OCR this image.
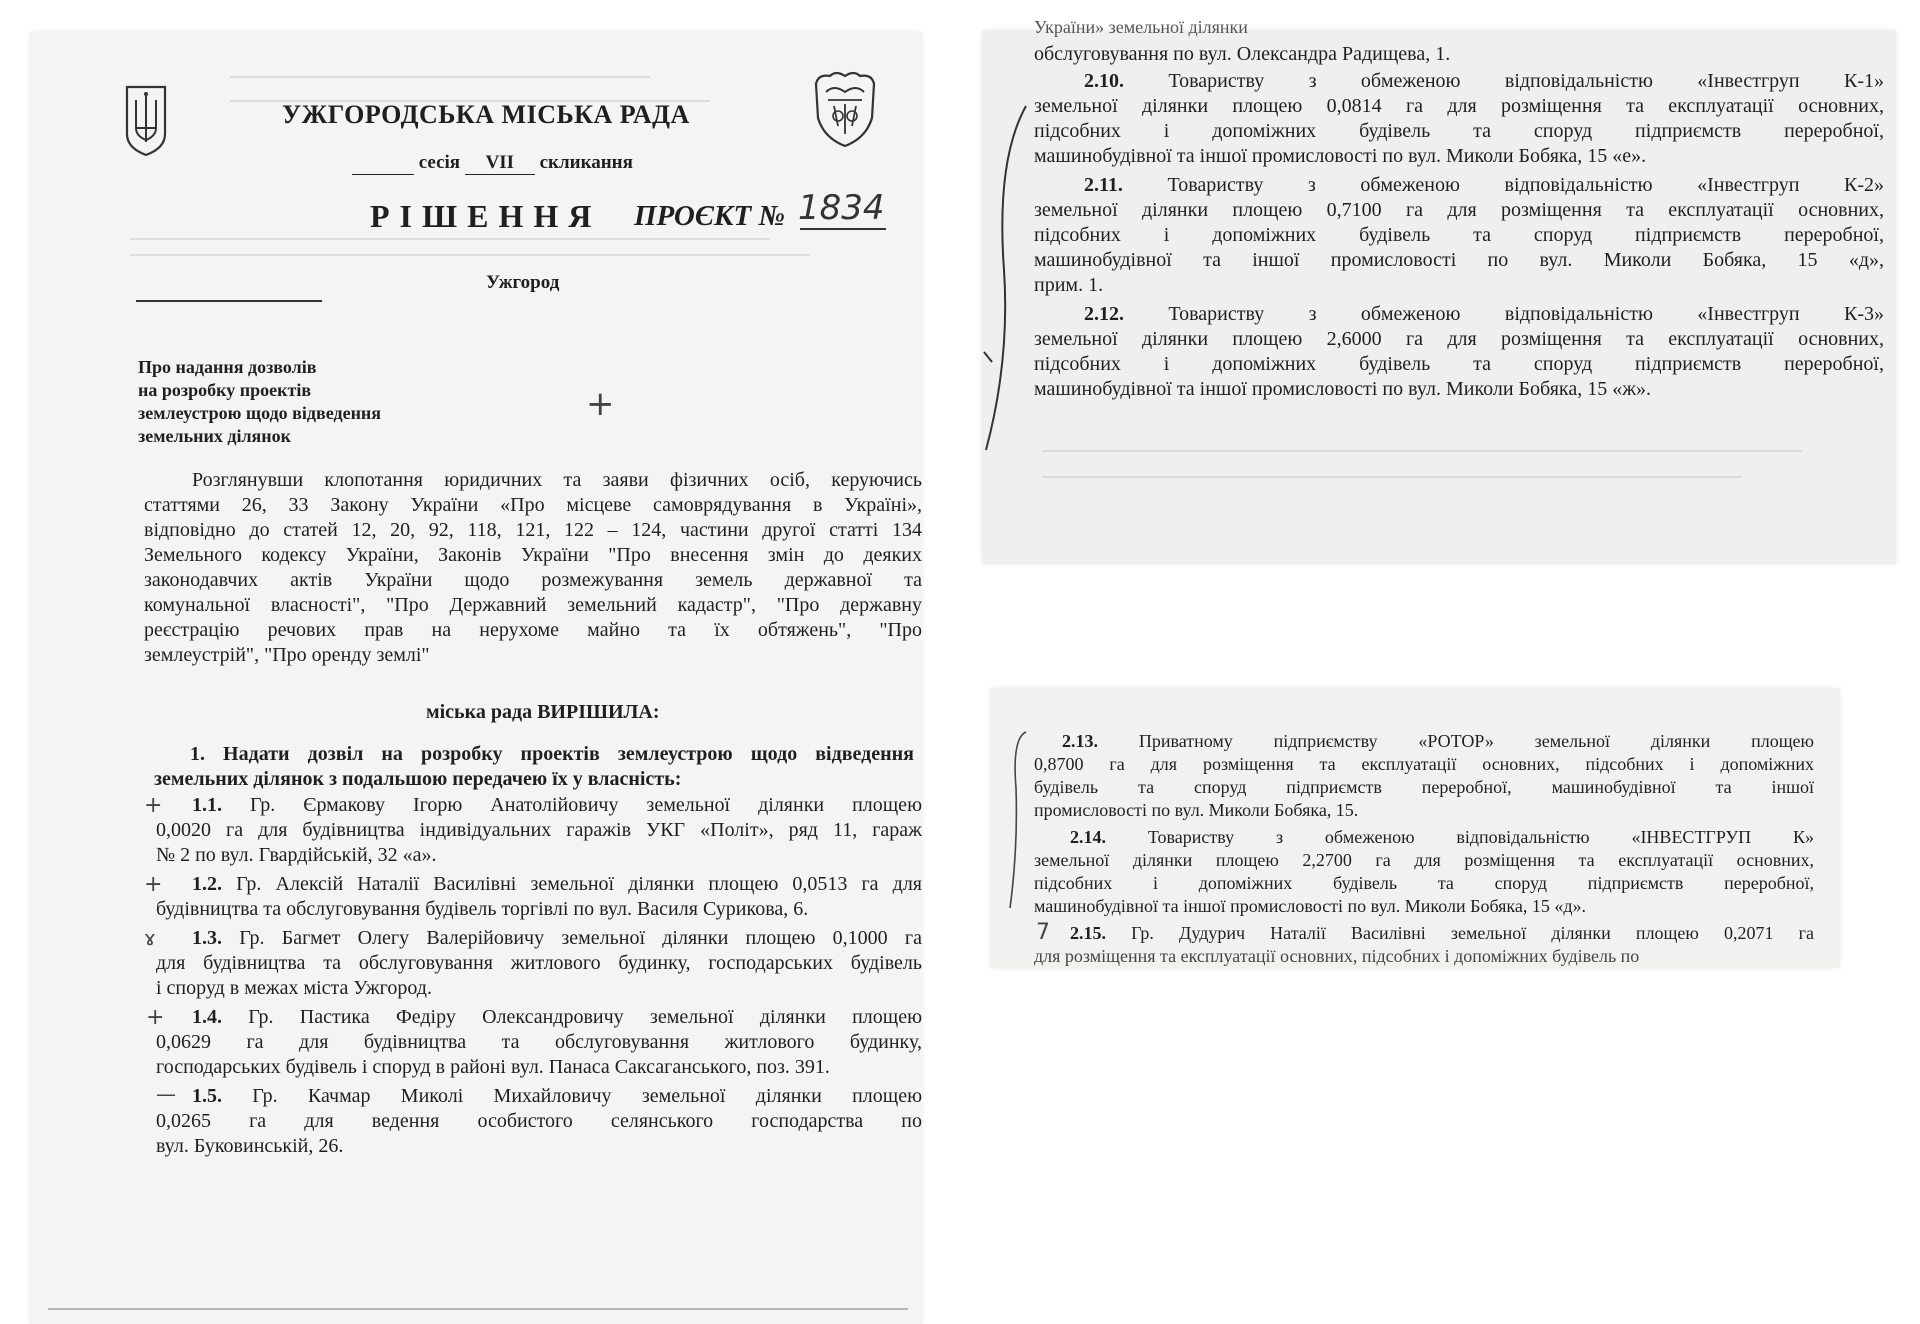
УЖГОРОДСЬКА МІСЬКА РАДА
сесія VII скликання
РІШЕННЯ ПРОЄКТ № 1834
Ужгород
Про надання дозволів
на розробку проектів
землеустрою щодо відведення
земельних ділянок
+
Розглянувши клопотання юридичних та заяви фізичних осіб, керуючись
статтями 26, 33 Закону України «Про місцеве самоврядування в Україні»,
відповідно до статей 12, 20, 92, 118, 121, 122 – 124, частини другої статті 134
Земельного кодексу України, Законів України "Про внесення змін до деяких
законодавчих актів України щодо розмежування земель державної та
комунальної власності", "Про Державний земельний кадастр", "Про державну
реєстрацію речових прав на нерухоме майно та їх обтяжень", "Про
землеустрій", "Про оренду землі"
міська рада ВИРІШИЛА:
1. Надати дозвіл на розробку проектів землеустрою щодо відведення
земельних ділянок з подальшою передачею їх у власність:
+	1.1. Гр. Єрмакову Ігорю Анатолійовичу земельної ділянки площею
0,0020 га для будівництва індивідуальних гаражів УКГ «Політ», ряд 11, гараж
№ 2 по вул. Гвардійській, 32 «а».
+	1.2. Гр. Алексій Наталії Василівні земельної ділянки площею 0,0513 га для
будівництва та обслуговування будівель торгівлі по вул. Василя Сурикова, 6.
ɤ	1.3. Гр. Багмет Олегу Валерійовичу земельної ділянки площею 0,1000 га
для будівництва та обслуговування житлового будинку, господарських будівель
і споруд в межах міста Ужгород.
+	1.4. Гр. Пастика Федіру Олександровичу земельної ділянки площею
0,0629 га для будівництва та обслуговування житлового будинку,
господарських будівель і споруд в районі вул. Панаса Саксаганського, поз. 391.
— 1.5. Гр. Качмар Миколі Михайловичу земельної ділянки площею
0,0265 га для ведення особистого селянського господарства по
вул. Буковинській, 26.
України» земельної ділянки
обслуговування по вул. Олександра Радищева, 1.
2.10. Товариству з обмеженою відповідальністю «Інвестгруп К-1»
земельної ділянки площею 0,0814 га для розміщення та експлуатації основних,
підсобних і допоміжних будівель та споруд підприємств переробної,
машинобудівної та іншої промисловості по вул. Миколи Бобяка, 15 «е».
2.11. Товариству з обмеженою відповідальністю «Інвестгруп К-2»
земельної ділянки площею 0,7100 га для розміщення та експлуатації основних,
підсобних і допоміжних будівель та споруд підприємств переробної,
машинобудівної та іншої промисловості по вул. Миколи Бобяка, 15 «д»,
прим. 1.
2.12. Товариству з обмеженою відповідальністю «Інвестгруп К-3»
земельної ділянки площею 2,6000 га для розміщення та експлуатації основних,
підсобних і допоміжних будівель та споруд підприємств переробної,
машинобудівної та іншої промисловості по вул. Миколи Бобяка, 15 «ж».
2.13. Приватному підприємству «РОТОР» земельної ділянки площею
0,8700 га для розміщення та експлуатації основних, підсобних і допоміжних
будівель та споруд підприємств переробної, машинобудівної та іншої
промисловості по вул. Миколи Бобяка, 15.
2.14. Товариству з обмеженою відповідальністю «ІНВЕСТГРУП К»
земельної ділянки площею 2,2700 га для розміщення та експлуатації основних,
підсобних і допоміжних будівель та споруд підприємств переробної,
машинобудівної та іншої промисловості по вул. Миколи Бобяка, 15 «д».
7	2.15. Гр. Дудурич Наталії Василівні земельної ділянки площею 0,2071 га
для розміщення та експлуатації основних, підсобних і допоміжних будівель по
